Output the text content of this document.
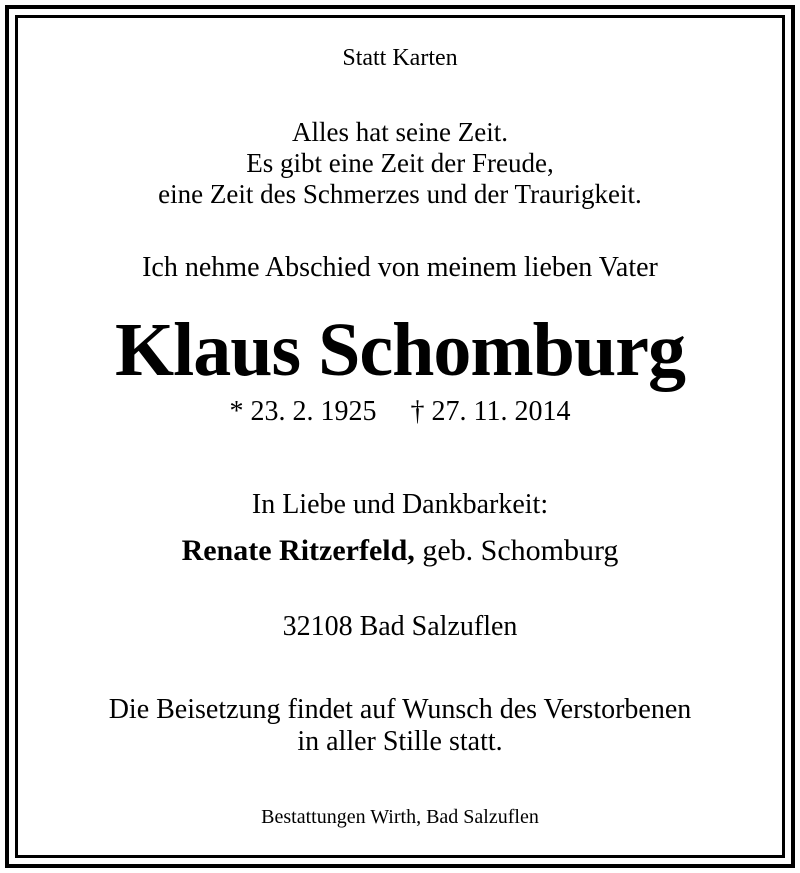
Statt Karten
Alles hat seine Zeit.
Es gibt eine Zeit der Freude,
eine Zeit des Schmerzes und der Traurigkeit.
Ich nehme Abschied von meinem lieben Vater
Klaus Schomburg
* 23. 2. 1925 † 27. 11. 2014
In Liebe und Dankbarkeit:
Renate Ritzerfeld, geb. Schomburg
32108 Bad Salzuflen
Die Beisetzung findet auf Wunsch des Verstorbenen
in aller Stille statt.
Bestattungen Wirth, Bad Salzuflen
